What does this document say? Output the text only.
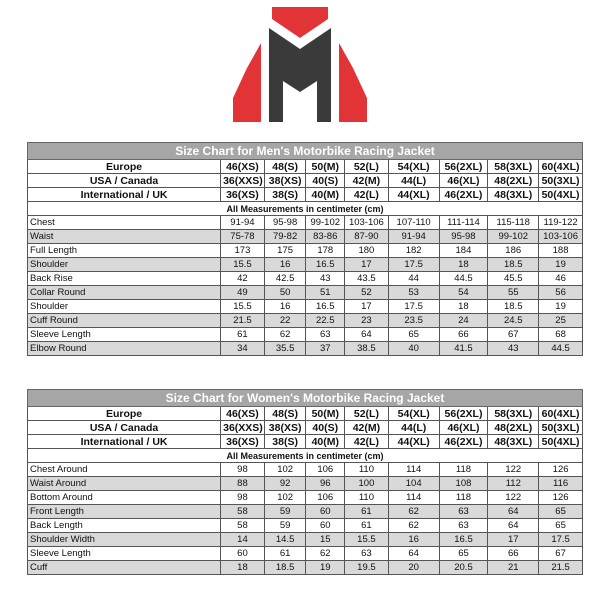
Size Chart for Men's Motorbike Racing Jacket								
Europe	46(XS)	48(S)	50(M)	52(L)	54(XL)	56(2XL)	58(3XL)	60(4XL)
USA / Canada	36(XXS)	38(XS)	40(S)	42(M)	44(L)	46(XL)	48(2XL)	50(3XL)
International / UK	36(XS)	38(S)	40(M)	42(L)	44(XL)	46(2XL)	48(3XL)	50(4XL)
All Measurements in centimeter (cm)								
Chest	91-94	95-98	99-102	103-106	107-110	111-114	115-118	119-122
Waist	75-78	79-82	83-86	87-90	91-94	95-98	99-102	103-106
Full Length	173	175	178	180	182	184	186	188
Shoulder	15.5	16	16.5	17	17.5	18	18.5	19
Back Rise	42	42.5	43	43.5	44	44.5	45.5	46
Collar Round	49	50	51	52	53	54	55	56
Shoulder	15.5	16	16.5	17	17.5	18	18.5	19
Cuff Round	21.5	22	22.5	23	23.5	24	24.5	25
Sleeve Length	61	62	63	64	65	66	67	68
Elbow Round	34	35.5	37	38.5	40	41.5	43	44.5
Size Chart for Women's Motorbike Racing Jacket								
Europe	46(XS)	48(S)	50(M)	52(L)	54(XL)	56(2XL)	58(3XL)	60(4XL)
USA / Canada	36(XXS)	38(XS)	40(S)	42(M)	44(L)	46(XL)	48(2XL)	50(3XL)
International / UK	36(XS)	38(S)	40(M)	42(L)	44(XL)	46(2XL)	48(3XL)	50(4XL)
All Measurements in centimeter (cm)								
Chest Around	98	102	106	110	114	118	122	126
Waist Around	88	92	96	100	104	108	112	116
Bottom Around	98	102	106	110	114	118	122	126
Front Length	58	59	60	61	62	63	64	65
Back Length	58	59	60	61	62	63	64	65
Shoulder Width	14	14.5	15	15.5	16	16.5	17	17.5
Sleeve Length	60	61	62	63	64	65	66	67
Cuff	18	18.5	19	19.5	20	20.5	21	21.5
